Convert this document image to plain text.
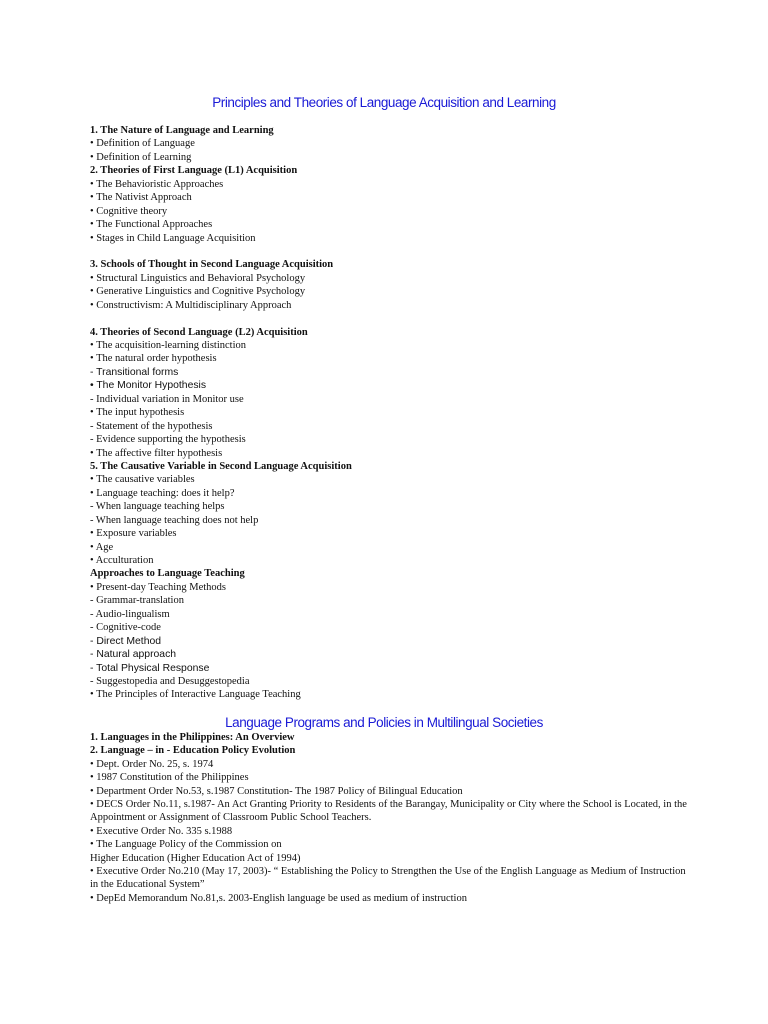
Principles and Theories of Language Acquisition and Learning
1. The Nature of Language and Learning
• Definition of Language
• Definition of Learning
2. Theories of First Language (L1) Acquisition
• The Behavioristic Approaches
• The Nativist Approach
• Cognitive theory
• The Functional Approaches
• Stages in Child Language Acquisition
3. Schools of Thought in Second Language Acquisition
• Structural Linguistics and Behavioral Psychology
• Generative Linguistics and Cognitive Psychology
• Constructivism: A Multidisciplinary Approach
4. Theories of Second Language (L2) Acquisition
• The acquisition-learning distinction
• The natural order hypothesis
- Transitional forms
• The Monitor Hypothesis
- Individual variation in Monitor use
• The input hypothesis
- Statement of the hypothesis
- Evidence supporting the hypothesis
• The affective filter hypothesis
5. The Causative Variable in Second Language Acquisition
• The causative variables
• Language teaching: does it help?
- When language teaching helps
- When language teaching does not help
• Exposure variables
• Age
• Acculturation
Approaches to Language Teaching
• Present-day Teaching Methods
- Grammar-translation
- Audio-lingualism
- Cognitive-code
- Direct Method
- Natural approach
- Total Physical Response
- Suggestopedia and Desuggestopedia
• The Principles of Interactive Language Teaching
Language Programs and Policies in Multilingual Societies
1. Languages in the Philippines: An Overview
2. Language – in - Education Policy Evolution
• Dept. Order No. 25, s. 1974
• 1987 Constitution of the Philippines
• Department Order No.53, s.1987 Constitution- The 1987 Policy of Bilingual Education
• DECS Order No.11, s.1987- An Act Granting Priority to Residents of the Barangay, Municipality or City where the School is Located, in the Appointment or Assignment of Classroom Public School Teachers.
• Executive Order No. 335 s.1988
• The Language Policy of the Commission on
Higher Education (Higher Education Act of 1994)
• Executive Order No.210 (May 17, 2003)- “ Establishing the Policy to Strengthen the Use of the English Language as Medium of Instruction in the Educational System”
• DepEd Memorandum No.81,s. 2003-English language be used as medium of instruction
